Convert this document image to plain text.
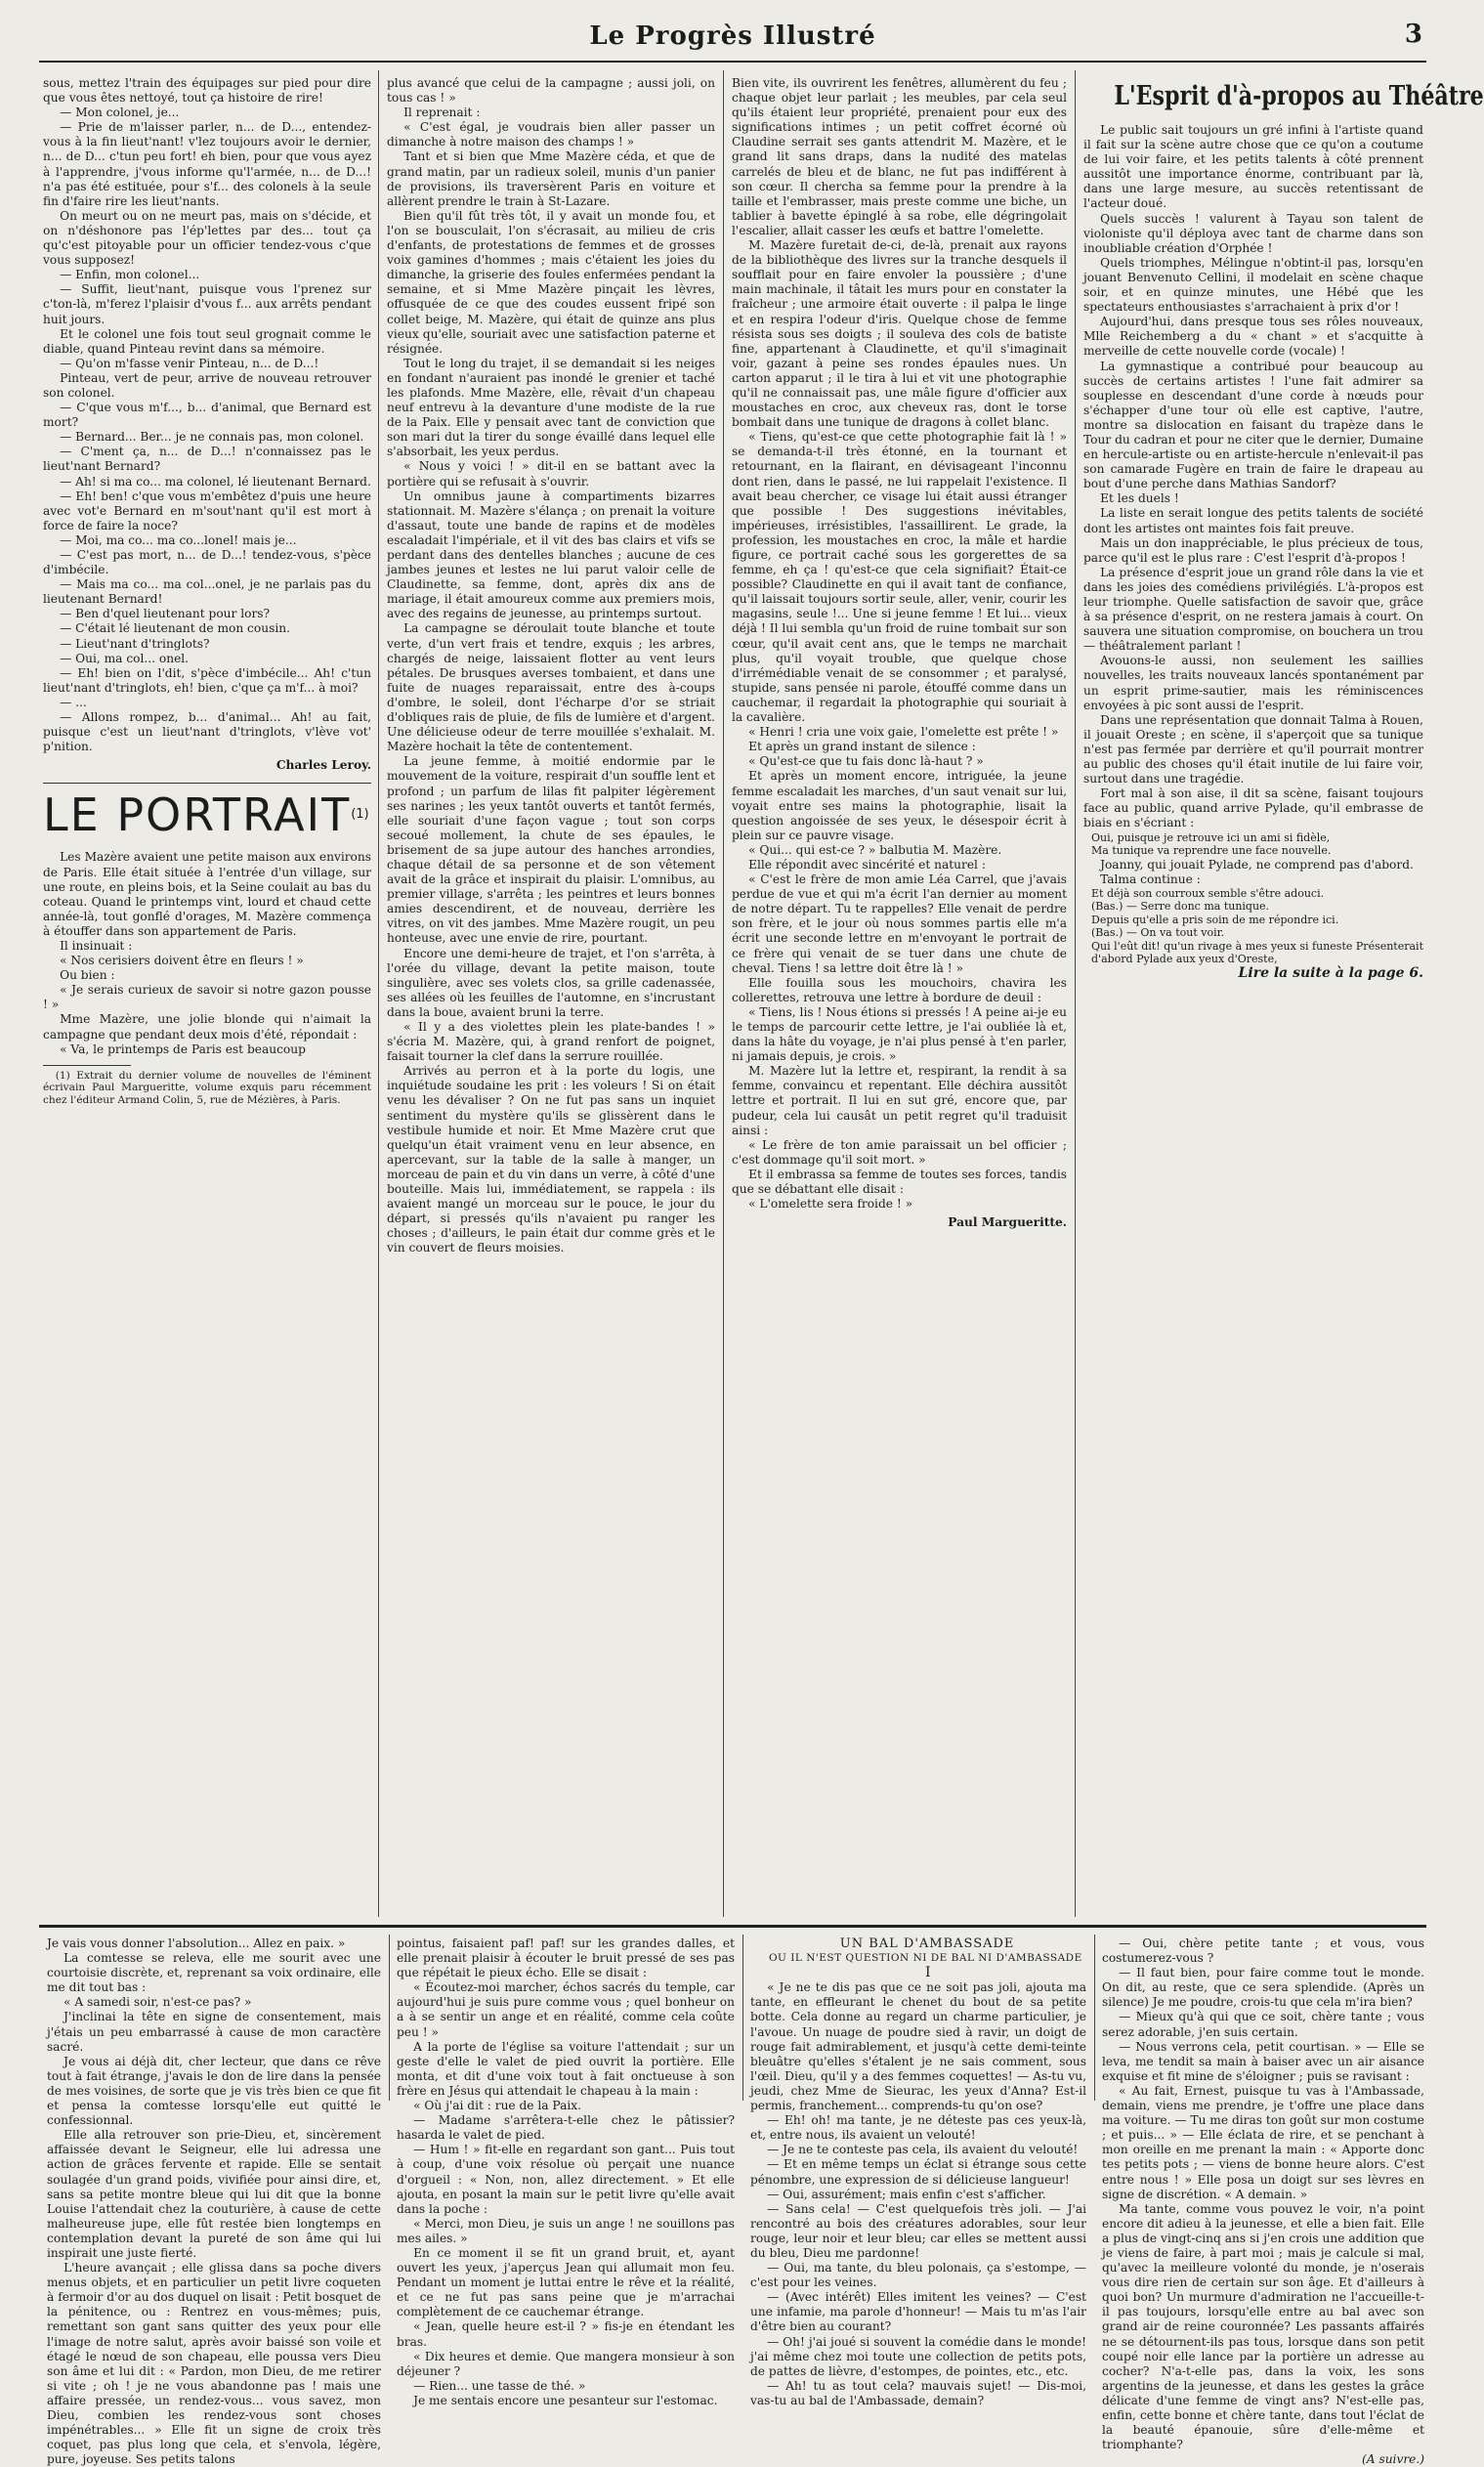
Le Progrès Illustré	3

sous, mettez l'train des équipages sur pied pour dire que vous êtes nettoyé, tout ça histoire de rire!

— Mon colonel, je...

— Prie de m'laisser parler, n... de D..., entendez-vous à la fin lieut'nant! v'lez toujours avoir le dernier, n... de D... c'tun peu fort! eh bien, pour que vous ayez à l'apprendre, j'vous informe qu'l'armée, n... de D...! n'a pas été estituée, pour s'f... des colonels à la seule fin d'faire rire les lieut'nants.

On meurt ou on ne meurt pas, mais on s'décide, et on n'déshonore pas l'ép'lettes par des... tout ça qu'c'est pitoyable pour un officier tendez-vous c'que vous supposez!

— Enfin, mon colonel...

— Suffit, lieut'nant, puisque vous l'prenez sur c'ton-là, m'ferez l'plaisir d'vous f... aux arrêts pendant huit jours.

Et le colonel une fois tout seul grognait comme le diable, quand Pinteau revint dans sa mémoire.

— Qu'on m'fasse venir Pinteau, n... de D...!

Pinteau, vert de peur, arrive de nouveau retrouver son colonel.

— C'que vous m'f..., b... d'animal, que Bernard est mort?

— Bernard... Ber... je ne connais pas, mon colonel.

— C'ment ça, n... de D...! n'connaissez pas le lieut'nant Bernard?

— Ah! si ma co... ma colonel, lé lieutenant Bernard.

— Eh! ben! c'que vous m'embêtez d'puis une heure avec vot'e Bernard en m'sout'nant qu'il est mort à force de faire la noce?

— Moi, ma co... ma co...lonel! mais je...

— C'est pas mort, n... de D...! tendez-vous, s'pèce d'imbécile.

— Mais ma co... ma col...onel, je ne parlais pas du lieutenant Bernard!

— Ben d'quel lieutenant pour lors?

— C'était lé lieutenant de mon cousin.

— Lieut'nant d'tringlots?

— Oui, ma col... onel.

— Eh! bien on l'dit, s'pèce d'imbécile... Ah! c'tun lieut'nant d'tringlots, eh! bien, c'que ça m'f... à moi?

— ...

— Allons rompez, b... d'animal... Ah! au fait, puisque c'est un lieut'nant d'tringlots, v'lève vot' p'nition.

Charles Leroy.

LE PORTRAIT$^{(1)}$

Les Mazère avaient une petite maison aux environs de Paris. Elle était située à l'entrée d'un village, sur une route, en pleins bois, et la Seine coulait au bas du coteau. Quand le printemps vint, lourd et chaud cette année-là, tout gonflé d'orages, M. Mazère commença à étouffer dans son appartement de Paris.

Il insinuait :

« Nos cerisiers doivent être en fleurs ! »

Ou bien :

« Je serais curieux de savoir si notre gazon pousse ! »

Mme Mazère, une jolie blonde qui n'aimait la campagne que pendant deux mois d'été, répondait :

« Va, le printemps de Paris est beaucoup

(1) Extrait du dernier volume de nouvelles de l'éminent écrivain Paul Margueritte, volume exquis paru récemment chez l'éditeur Armand Colin, 5, rue de Mézières, à Paris.

plus avancé que celui de la campagne ; aussi joli, on tous cas ! »

Il reprenait :

« C'est égal, je voudrais bien aller passer un dimanche à notre maison des champs ! »

Tant et si bien que Mme Mazère céda, et que de grand matin, par un radieux soleil, munis d'un panier de provisions, ils traversèrent Paris en voiture et allèrent prendre le train à St-Lazare.

Bien qu'il fût très tôt, il y avait un monde fou, et l'on se bousculait, l'on s'écrasait, au milieu de cris d'enfants, de protestations de femmes et de grosses voix gamines d'hommes ; mais c'étaient les joies du dimanche, la griserie des foules enfermées pendant la semaine, et si Mme Mazère pinçait les lèvres, offusquée de ce que des coudes eussent fripé son collet beige, M. Mazère, qui était de quinze ans plus vieux qu'elle, souriait avec une satisfaction paterne et résignée.

Tout le long du trajet, il se demandait si les neiges en fondant n'auraient pas inondé le grenier et taché les plafonds. Mme Mazère, elle, rêvait d'un chapeau neuf entrevu à la devanture d'une modiste de la rue de la Paix. Elle y pensait avec tant de conviction que son mari dut la tirer du songe évaillé dans lequel elle s'absorbait, les yeux perdus.

« Nous y voici ! » dit-il en se battant avec la portière qui se refusait à s'ouvrir.

Un omnibus jaune à compartiments bizarres stationnait. M. Mazère s'élança ; on prenait la voiture d'assaut, toute une bande de rapins et de modèles escaladait l'impériale, et il vit des bas clairs et vifs se perdant dans des dentelles blanches ; aucune de ces jambes jeunes et lestes ne lui parut valoir celle de Claudinette, sa femme, dont, après dix ans de mariage, il était amoureux comme aux premiers mois, avec des regains de jeunesse, au printemps surtout.

La campagne se déroulait toute blanche et toute verte, d'un vert frais et tendre, exquis ; les arbres, chargés de neige, laissaient flotter au vent leurs pétales. De brusques averses tombaient, et dans une fuite de nuages reparaissait, entre des à-coups d'ombre, le soleil, dont l'écharpe d'or se striait d'obliques rais de pluie, de fils de lumière et d'argent. Une délicieuse odeur de terre mouillée s'exhalait. M. Mazère hochait la tête de contentement.

La jeune femme, à moitié endormie par le mouvement de la voiture, respirait d'un souffle lent et profond ; un parfum de lilas fit palpiter légèrement ses narines ; les yeux tantôt ouverts et tantôt fermés, elle souriait d'une façon vague ; tout son corps secoué mollement, la chute de ses épaules, le brisement de sa jupe autour des hanches arrondies, chaque détail de sa personne et de son vêtement avait de la grâce et inspirait du plaisir. L'omnibus, au premier village, s'arrêta ; les peintres et leurs bonnes amies descendirent, et de nouveau, derrière les vitres, on vit des jambes. Mme Mazère rougit, un peu honteuse, avec une envie de rire, pourtant.

Encore une demi-heure de trajet, et l'on s'arrêta, à l'orée du village, devant la petite maison, toute singulière, avec ses volets clos, sa grille cadenassée, ses allées où les feuilles de l'automne, en s'incrustant dans la boue, avaient bruni la terre.

« Il y a des violettes plein les plate-bandes ! » s'écria M. Mazère, qui, à grand renfort de poignet, faisait tourner la clef dans la serrure rouillée.

Arrivés au perron et à la porte du logis, une inquiétude soudaine les prit : les voleurs ! Si on était venu les dévaliser ? On ne fut pas sans un inquiet sentiment du mystère qu'ils se glissèrent dans le vestibule humide et noir. Et Mme Mazère crut que quelqu'un était vraiment venu en leur absence, en apercevant, sur la table de la salle à manger, un morceau de pain et du vin dans un verre, à côté d'une bouteille. Mais lui, immédiatement, se rappela : ils avaient mangé un morceau sur le pouce, le jour du départ, si pressés qu'ils n'avaient pu ranger les choses ; d'ailleurs, le pain était dur comme grès et le vin couvert de fleurs moisies.

Bien vite, ils ouvrirent les fenêtres, allumèrent du feu ; chaque objet leur parlait ; les meubles, par cela seul qu'ils étaient leur propriété, prenaient pour eux des significations intimes ; un petit coffret écorné où Claudine serrait ses gants attendrit M. Mazère, et le grand lit sans draps, dans la nudité des matelas carrelés de bleu et de blanc, ne fut pas indifférent à son cœur. Il chercha sa femme pour la prendre à la taille et l'embrasser, mais preste comme une biche, un tablier à bavette épinglé à sa robe, elle dégringolait l'escalier, allait casser les œufs et battre l'omelette.

M. Mazère furetait de-ci, de-là, prenait aux rayons de la bibliothèque des livres sur la tranche desquels il soufflait pour en faire envoler la poussière ; d'une main machinale, il tâtait les murs pour en constater la fraîcheur ; une armoire était ouverte : il palpa le linge et en respira l'odeur d'iris. Quelque chose de femme résista sous ses doigts ; il souleva des cols de batiste fine, appartenant à Claudinette, et qu'il s'imaginait voir, gazant à peine ses rondes épaules nues. Un carton apparut ; il le tira à lui et vit une photographie qu'il ne connaissait pas, une mâle figure d'officier aux moustaches en croc, aux cheveux ras, dont le torse bombait dans une tunique de dragons à collet blanc.

« Tiens, qu'est-ce que cette photographie fait là ! » se demanda-t-il très étonné, en la tournant et retournant, en la flairant, en dévisageant l'inconnu dont rien, dans le passé, ne lui rappelait l'existence. Il avait beau chercher, ce visage lui était aussi étranger que possible ! Des suggestions inévitables, impérieuses, irrésistibles, l'assaillirent. Le grade, la profession, les moustaches en croc, la mâle et hardie figure, ce portrait caché sous les gorgerettes de sa femme, eh ça ! qu'est-ce que cela signifiait? Était-ce possible? Claudinette en qui il avait tant de confiance, qu'il laissait toujours sortir seule, aller, venir, courir les magasins, seule !... Une si jeune femme ! Et lui... vieux déjà ! Il lui sembla qu'un froid de ruine tombait sur son cœur, qu'il avait cent ans, que le temps ne marchait plus, qu'il voyait trouble, que quelque chose d'irrémédiable venait de se consommer ; et paralysé, stupide, sans pensée ni parole, étouffé comme dans un cauchemar, il regardait la photographie qui souriait à la cavalière.

« Henri ! cria une voix gaie, l'omelette est prête ! »

Et après un grand instant de silence :

« Qu'est-ce que tu fais donc là-haut ? »

Et après un moment encore, intriguée, la jeune femme escaladait les marches, d'un saut venait sur lui, voyait entre ses mains la photographie, lisait la question angoissée de ses yeux, le désespoir écrit à plein sur ce pauvre visage.

« Qui... qui est-ce ? » balbutia M. Mazère.

Elle répondit avec sincérité et naturel :

« C'est le frère de mon amie Léa Carrel, que j'avais perdue de vue et qui m'a écrit l'an dernier au moment de notre départ. Tu te rappelles? Elle venait de perdre son frère, et le jour où nous sommes partis elle m'a écrit une seconde lettre en m'envoyant le portrait de ce frère qui venait de se tuer dans une chute de cheval. Tiens ! sa lettre doit être là ! »

Elle fouilla sous les mouchoirs, chavira les collerettes, retrouva une lettre à bordure de deuil :

« Tiens, lis ! Nous étions si pressés ! A peine ai-je eu le temps de parcourir cette lettre, je l'ai oubliée là et, dans la hâte du voyage, je n'ai plus pensé à t'en parler, ni jamais depuis, je crois. »

M. Mazère lut la lettre et, respirant, la rendit à sa femme, convaincu et repentant. Elle déchira aussitôt lettre et portrait. Il lui en sut gré, encore que, par pudeur, cela lui causât un petit regret qu'il traduisit ainsi :

« Le frère de ton amie paraissait un bel officier ; c'est dommage qu'il soit mort. »

Et il embrassa sa femme de toutes ses forces, tandis que se débattant elle disait :

« L'omelette sera froide ! »

Paul Margueritte.

L'Esprit d'à-propos au Théâtre

Le public sait toujours un gré infini à l'artiste quand il fait sur la scène autre chose que ce qu'on a coutume de lui voir faire, et les petits talents à côté prennent aussitôt une importance énorme, contribuant par là, dans une large mesure, au succès retentissant de l'acteur doué.

Quels succès ! valurent à Tayau son talent de violoniste qu'il déploya avec tant de charme dans son inoubliable création d'Orphée !

Quels triomphes, Mélingue n'obtint-il pas, lorsqu'en jouant Benvenuto Cellini, il modelait en scène chaque soir, et en quinze minutes, une Hébé que les spectateurs enthousiastes s'arrachaient à prix d'or !

Aujourd'hui, dans presque tous ses rôles nouveaux, Mlle Reichemberg a du « chant » et s'acquitte à merveille de cette nouvelle corde (vocale) !

La gymnastique a contribué pour beaucoup au succès de certains artistes ! l'une fait admirer sa souplesse en descendant d'une corde à nœuds pour s'échapper d'une tour où elle est captive, l'autre, montre sa dislocation en faisant du trapèze dans le Tour du cadran et pour ne citer que le dernier, Dumaine en hercule-artiste ou en artiste-hercule n'enlevait-il pas son camarade Fugère en train de faire le drapeau au bout d'une perche dans Mathias Sandorf?

Et les duels !

La liste en serait longue des petits talents de société dont les artistes ont maintes fois fait preuve.

Mais un don inappréciable, le plus précieux de tous, parce qu'il est le plus rare : C'est l'esprit d'à-propos !

La présence d'esprit joue un grand rôle dans la vie et dans les joies des comédiens privilégiés. L'à-propos est leur triomphe. Quelle satisfaction de savoir que, grâce à sa présence d'esprit, on ne restera jamais à court. On sauvera une situation compromise, on bouchera un trou — théâtralement parlant !

Avouons-le aussi, non seulement les saillies nouvelles, les traits nouveaux lancés spontanément par un esprit prime-sautier, mais les réminiscences envoyées à pic sont aussi de l'esprit.

Dans une représentation que donnait Talma à Rouen, il jouait Oreste ; en scène, il s'aperçoit que sa tunique n'est pas fermée par derrière et qu'il pourrait montrer au public des choses qu'il était inutile de lui faire voir, surtout dans une tragédie.

Fort mal à son aise, il dit sa scène, faisant toujours face au public, quand arrive Pylade, qu'il embrasse de biais en s'écriant :

Oui, puisque je retrouve ici un ami si fidèle,

Ma tunique va reprendre une face nouvelle.

Joanny, qui jouait Pylade, ne comprend pas d'abord.

Talma continue :

Et déjà son courroux semble s'être adouci.

(Bas.) — Serre donc ma tunique.

Depuis qu'elle a pris soin de me répondre ici.

(Bas.) — On va tout voir.

Qui l'eût dit! qu'un rivage à mes yeux si funeste Présenterait d'abord Pylade aux yeux d'Oreste,

Lire la suite à la page 6.

Je vais vous donner l'absolution... Allez en paix. »

La comtesse se releva, elle me sourit avec une courtoisie discrète, et, reprenant sa voix ordinaire, elle me dit tout bas :

« A samedi soir, n'est-ce pas? »

J'inclinai la tête en signe de consentement, mais j'étais un peu embarrassé à cause de mon caractère sacré.

Je vous ai déjà dit, cher lecteur, que dans ce rêve tout à fait étrange, j'avais le don de lire dans la pensée de mes voisines, de sorte que je vis très bien ce que fit et pensa la comtesse lorsqu'elle eut quitté le confessionnal.

Elle alla retrouver son prie-Dieu, et, sincèrement affaissée devant le Seigneur, elle lui adressa une action de grâces fervente et rapide. Elle se sentait soulagée d'un grand poids, vivifiée pour ainsi dire, et, sans sa petite montre bleue qui lui dit que la bonne Louise l'attendait chez la couturière, à cause de cette malheureuse jupe, elle fût restée bien longtemps en contemplation devant la pureté de son âme qui lui inspirait une juste fierté.

L'heure avançait ; elle glissa dans sa poche divers menus objets, et en particulier un petit livre coqueten à fermoir d'or au dos duquel on lisait : Petit bosquet de la pénitence, ou : Rentrez en vous-mêmes; puis, remettant son gant sans quitter des yeux pour elle l'image de notre salut, après avoir baissé son voile et étagé le nœud de son chapeau, elle poussa vers Dieu son âme et lui dit : « Pardon, mon Dieu, de me retirer si vite ; oh ! je ne vous abandonne pas ! mais une affaire pressée, un rendez-vous... vous savez, mon Dieu, combien les rendez-vous sont choses impénétrables... » Elle fit un signe de croix très coquet, pas plus long que cela, et s'envola, légère, pure, joyeuse. Ses petits talons

pointus, faisaient paf! paf! sur les grandes dalles, et elle prenait plaisir à écouter le bruit pressé de ses pas que répétait le pieux écho. Elle se disait :

« Écoutez-moi marcher, échos sacrés du temple, car aujourd'hui je suis pure comme vous ; quel bonheur on a à se sentir un ange et en réalité, comme cela coûte peu ! »

A la porte de l'église sa voiture l'attendait ; sur un geste d'elle le valet de pied ouvrit la portière. Elle monta, et dit d'une voix tout à fait onctueuse à son frère en Jésus qui attendait le chapeau à la main :

« Où j'ai dit : rue de la Paix.

— Madame s'arrêtera-t-elle chez le pâtissier? hasarda le valet de pied.

— Hum ! » fit-elle en regardant son gant... Puis tout à coup, d'une voix résolue où perçait une nuance d'orgueil : « Non, non, allez directement. » Et elle ajouta, en posant la main sur le petit livre qu'elle avait dans la poche :

« Merci, mon Dieu, je suis un ange ! ne souillons pas mes ailes. »

En ce moment il se fit un grand bruit, et, ayant ouvert les yeux, j'aperçus Jean qui allumait mon feu. Pendant un moment je luttai entre le rêve et la réalité, et ce ne fut pas sans peine que je m'arrachai complètement de ce cauchemar étrange.

« Jean, quelle heure est-il ? » fis-je en étendant les bras.

« Dix heures et demie. Que mangera monsieur à son déjeuner ?

— Rien... une tasse de thé. »

Je me sentais encore une pesanteur sur l'estomac.

UN BAL D'AMBASSADE

OU IL N'EST QUESTION NI DE BAL NI D'AMBASSADE

I

« Je ne te dis pas que ce ne soit pas joli, ajouta ma tante, en effleurant le chenet du bout de sa petite botte. Cela donne au regard un charme particulier, je l'avoue. Un nuage de poudre sied à ravir, un doigt de rouge fait admirablement, et jusqu'à cette demi-teinte bleuâtre qu'elles s'étalent je ne sais comment, sous l'œil. Dieu, qu'il y a des femmes coquettes! — As-tu vu, jeudi, chez Mme de Sieurac, les yeux d'Anna? Est-il permis, franchement... comprends-tu qu'on ose?

— Eh! oh! ma tante, je ne déteste pas ces yeux-là, et, entre nous, ils avaient un velouté!

— Je ne te conteste pas cela, ils avaient du velouté!

— Et en même temps un éclat si étrange sous cette pénombre, une expression de si délicieuse langueur!

— Oui, assurément; mais enfin c'est s'afficher.

— Sans cela! — C'est quelquefois très joli. — J'ai rencontré au bois des créatures adorables, sour leur rouge, leur noir et leur bleu; car elles se mettent aussi du bleu, Dieu me pardonne!

— Oui, ma tante, du bleu polonais, ça s'estompe, — c'est pour les veines.

— (Avec intérêt) Elles imitent les veines? — C'est une infamie, ma parole d'honneur! — Mais tu m'as l'air d'être bien au courant?

— Oh! j'ai joué si souvent la comédie dans le monde! j'ai même chez moi toute une collection de petits pots, de pattes de lièvre, d'estompes, de pointes, etc., etc.

— Ah! tu as tout cela? mauvais sujet! — Dis-moi, vas-tu au bal de l'Ambassade, demain?

— Oui, chère petite tante ; et vous, vous costumerez-vous ?

— Il faut bien, pour faire comme tout le monde. On dit, au reste, que ce sera splendide. (Après un silence) Je me poudre, crois-tu que cela m'ira bien?

— Mieux qu'à qui que ce soit, chère tante ; vous serez adorable, j'en suis certain.

— Nous verrons cela, petit courtisan. » — Elle se leva, me tendit sa main à baiser avec un air aisance exquise et fit mine de s'éloigner ; puis se ravisant :

« Au fait, Ernest, puisque tu vas à l'Ambassade, demain, viens me prendre, je t'offre une place dans ma voiture. — Tu me diras ton goût sur mon costume ; et puis... » — Elle éclata de rire, et se penchant à mon oreille en me prenant la main : « Apporte donc tes petits pots ; — viens de bonne heure alors. C'est entre nous ! » Elle posa un doigt sur ses lèvres en signe de discrétion. « A demain. »

Ma tante, comme vous pouvez le voir, n'a point encore dit adieu à la jeunesse, et elle a bien fait. Elle a plus de vingt-cinq ans si j'en crois une addition que je viens de faire, à part moi ; mais je calcule si mal, qu'avec la meilleure volonté du monde, je n'oserais vous dire rien de certain sur son âge. Et d'ailleurs à quoi bon? Un murmure d'admiration ne l'accueille-t-il pas toujours, lorsqu'elle entre au bal avec son grand air de reine couronnée? Les passants affairés ne se détournent-ils pas tous, lorsque dans son petit coupé noir elle lance par la portière un adresse au cocher? N'a-t-elle pas, dans la voix, les sons argentins de la jeunesse, et dans les gestes la grâce délicate d'une femme de vingt ans? N'est-elle pas, enfin, cette bonne et chère tante, dans tout l'éclat de la beauté épanouie, sûre d'elle-même et triomphante?

(A suivre.)
